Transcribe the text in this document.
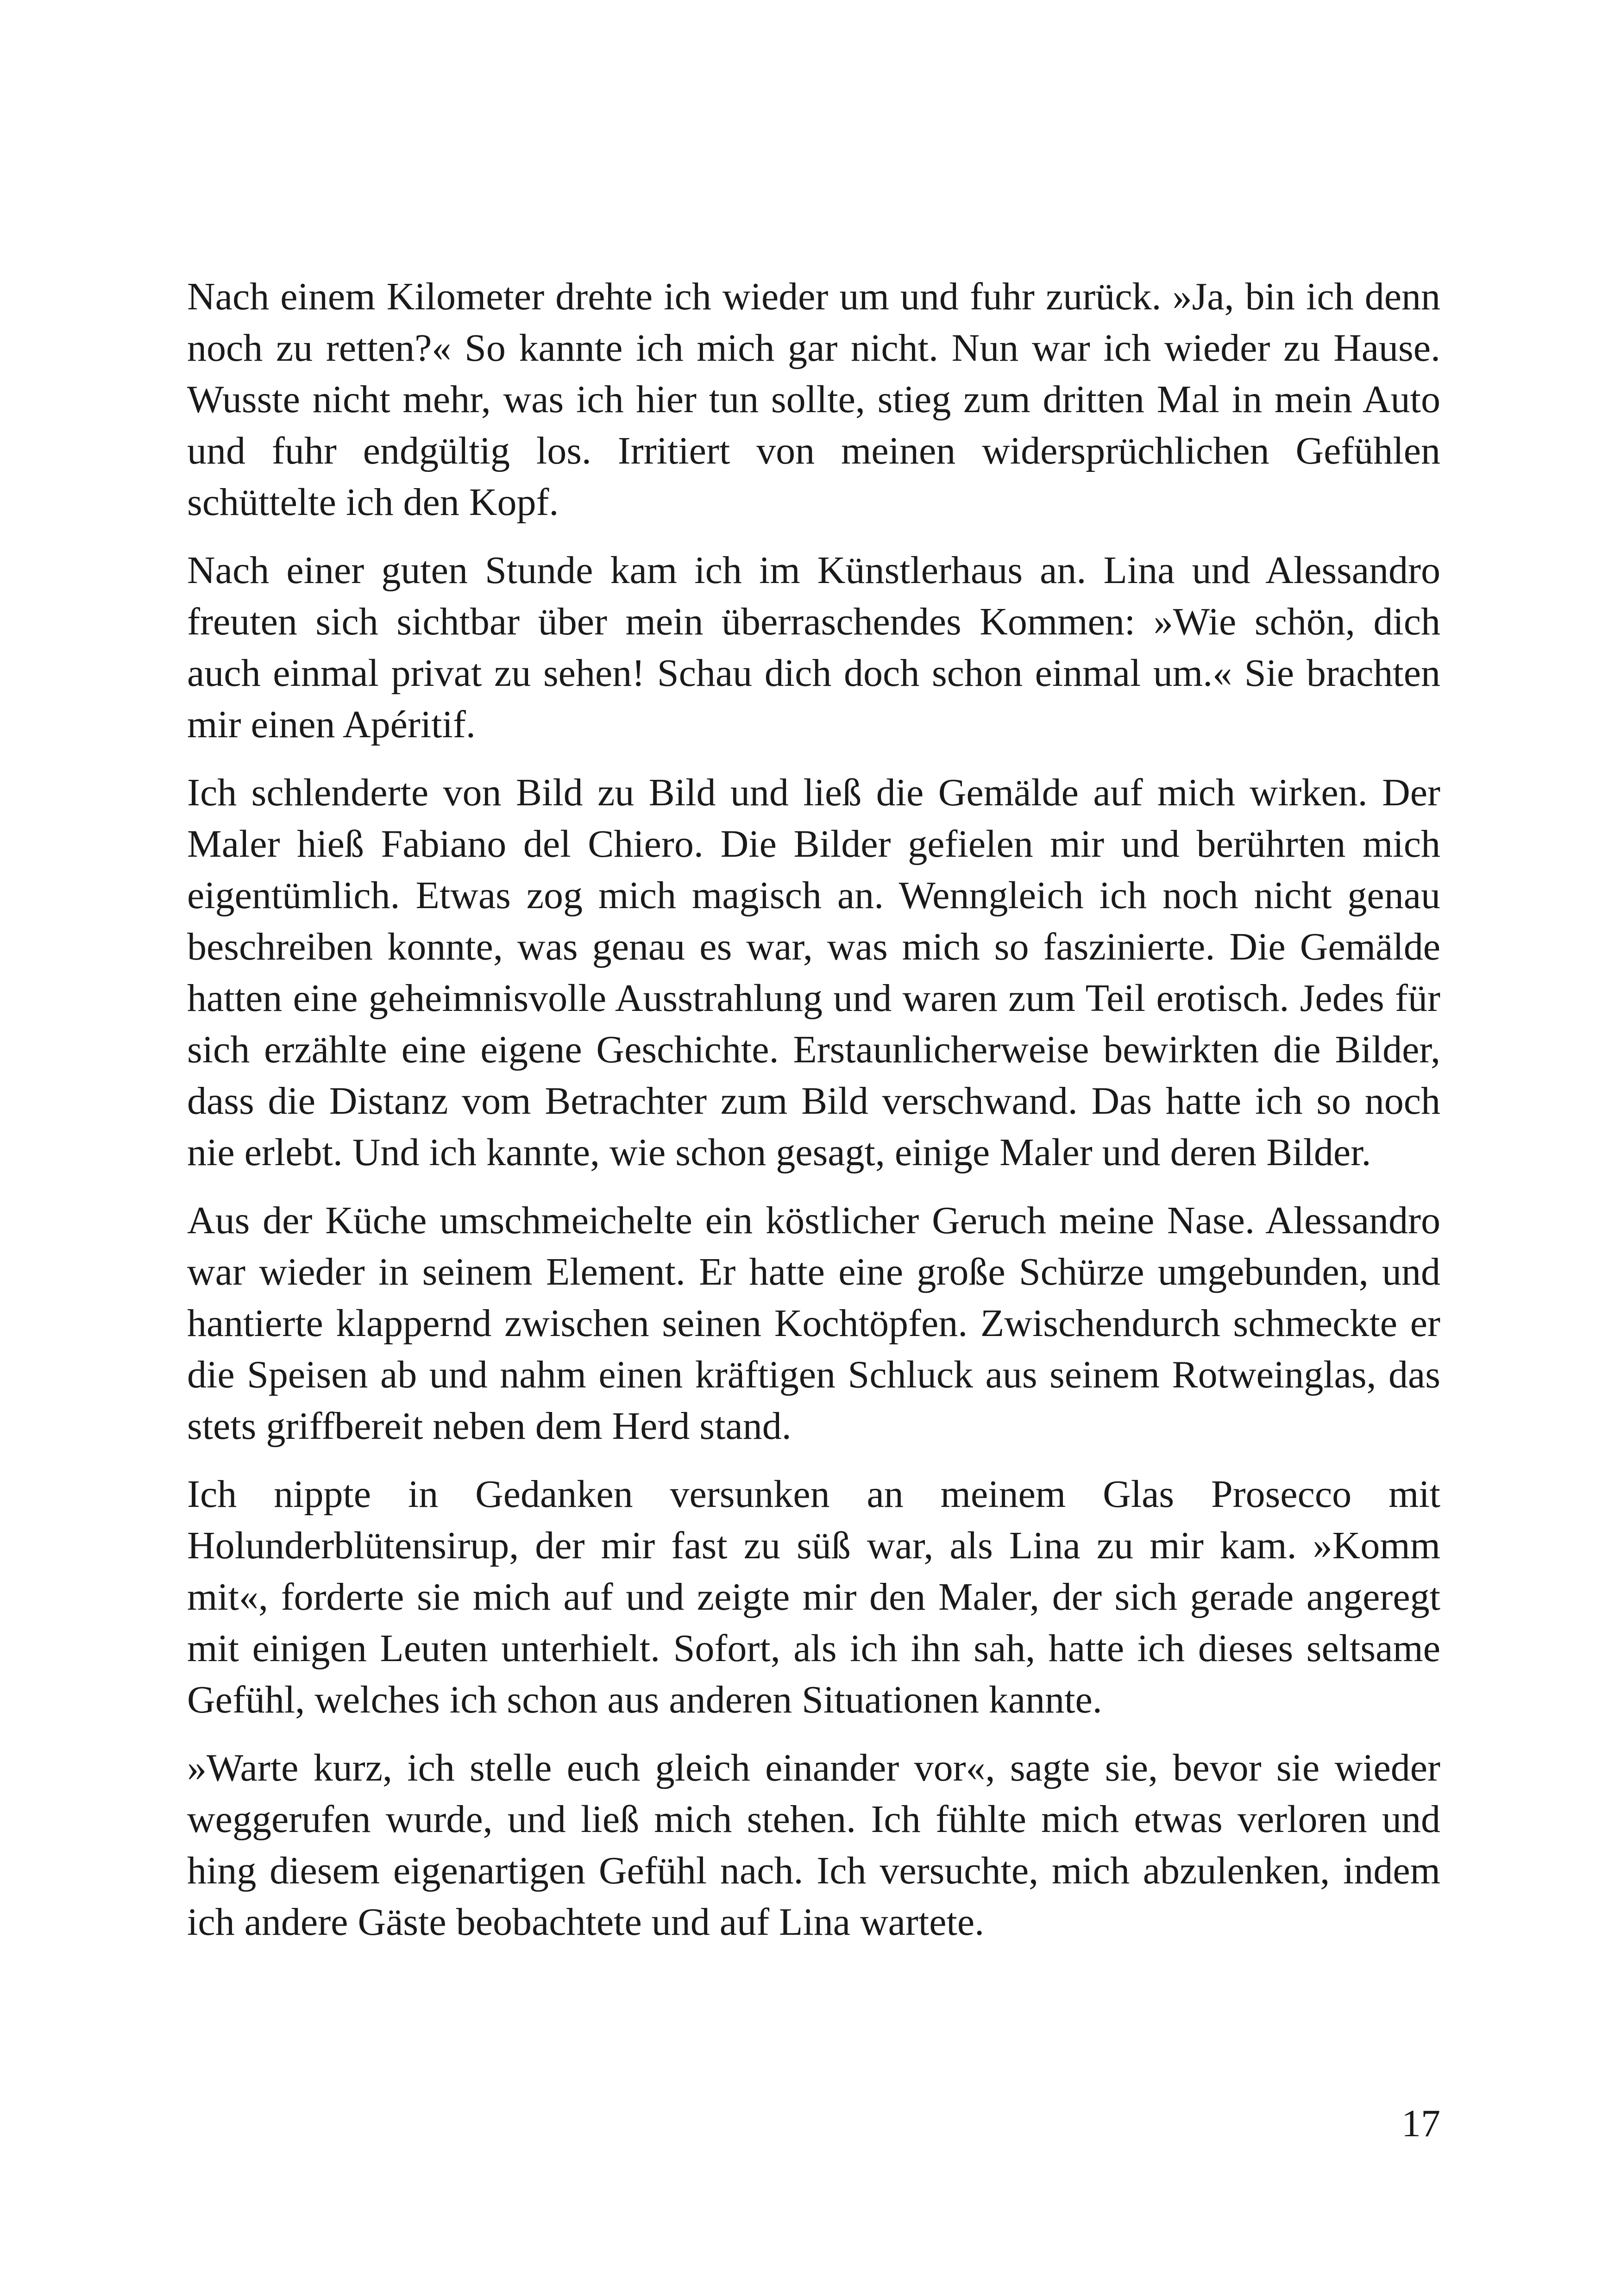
Nach einem Kilometer drehte ich wieder um und fuhr zurück. »Ja, bin ich denn noch zu retten?« So kannte ich mich gar nicht. Nun war ich wieder zu Hause. Wusste nicht mehr, was ich hier tun sollte, stieg zum dritten Mal in mein Auto und fuhr endgültig los. Irritiert von meinen widersprüchlichen Gefühlen schüttelte ich den Kopf.

Nach einer guten Stunde kam ich im Künstlerhaus an. Lina und Alessandro freuten sich sichtbar über mein überraschendes Kommen: »Wie schön, dich auch einmal privat zu sehen! Schau dich doch schon einmal um.« Sie brachten mir einen Apéritif.

Ich schlenderte von Bild zu Bild und ließ die Gemälde auf mich wirken. Der Maler hieß Fabiano del Chiero. Die Bilder gefielen mir und berührten mich eigentümlich. Etwas zog mich magisch an. Wenngleich ich noch nicht genau beschreiben konnte, was genau es war, was mich so faszinierte. Die Gemälde hatten eine geheimnisvolle Ausstrahlung und waren zum Teil erotisch. Jedes für sich erzählte eine eigene Geschichte. Erstaunlicherweise bewirkten die Bilder, dass die Distanz vom Betrachter zum Bild verschwand. Das hatte ich so noch nie erlebt. Und ich kannte, wie schon gesagt, einige Maler und deren Bilder.

Aus der Küche umschmeichelte ein köstlicher Geruch meine Nase. Alessandro war wieder in seinem Element. Er hatte eine große Schürze umgebunden, und hantierte klappernd zwischen seinen Kochtöpfen. Zwischendurch schmeckte er die Speisen ab und nahm einen kräftigen Schluck aus seinem Rotweinglas, das stets griffbereit neben dem Herd stand.

Ich nippte in Gedanken versunken an meinem Glas Prosecco mit Holunderblütensirup, der mir fast zu süß war, als Lina zu mir kam. »Komm mit«, forderte sie mich auf und zeigte mir den Maler, der sich gerade angeregt mit einigen Leuten unterhielt. Sofort, als ich ihn sah, hatte ich dieses seltsame Gefühl, welches ich schon aus anderen Situationen kannte.

»Warte kurz, ich stelle euch gleich einander vor«, sagte sie, bevor sie wieder weggerufen wurde, und ließ mich stehen. Ich fühlte mich etwas verloren und hing diesem eigenartigen Gefühl nach. Ich versuchte, mich abzulenken, indem ich andere Gäste beobachtete und auf Lina wartete.

17
